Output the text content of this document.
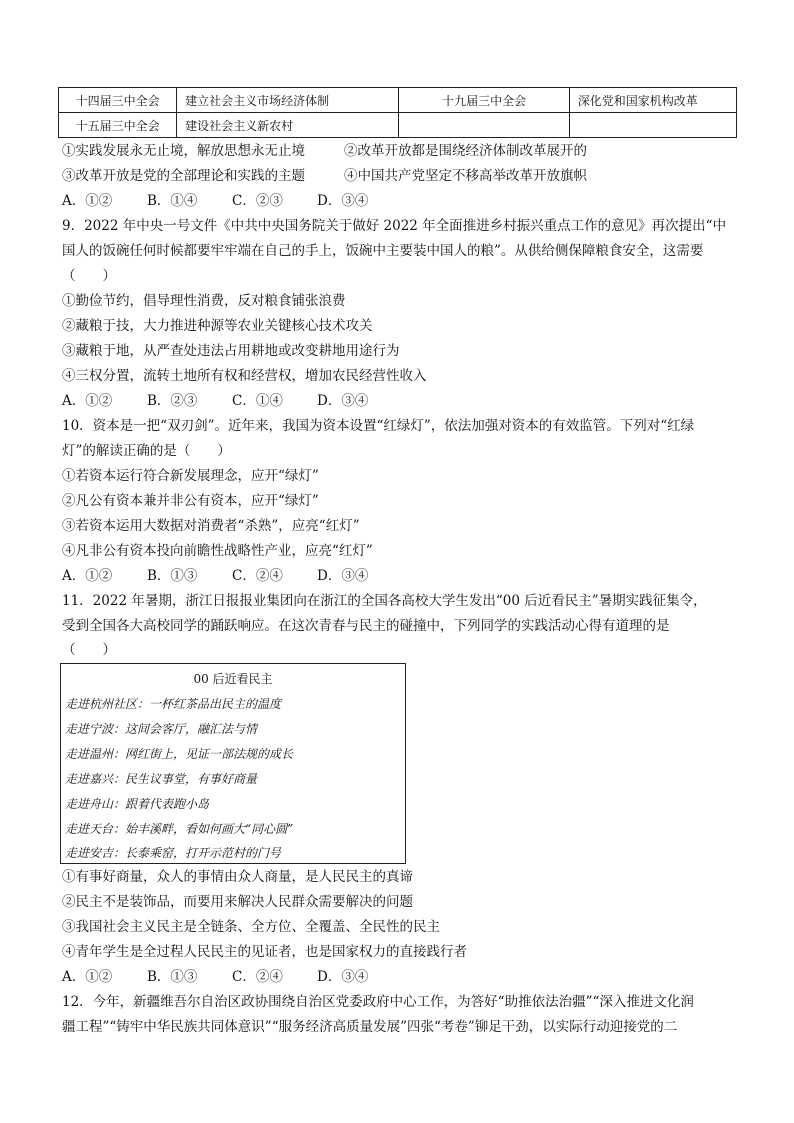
十四届三中全会	建立社会主义市场经济体制	十九届三中全会	深化党和国家机构改革
十五届三中全会	建设社会主义新农村		
①实践发展永无止境，解放思想永无止境	②改革开放都是围绕经济体制改革展开的
③改革开放是党的全部理论和实践的主题	④中国共产党坚定不移高举改革开放旗帜
A．①②	B．①④	C．②③	D．③④
9．2022 年中央一号文件《中共中央国务院关于做好 2022 年全面推进乡村振兴重点工作的意见》再次提出“中
国人的饭碗任何时候都要牢牢端在自己的手上，饭碗中主要装中国人的粮”。从供给侧保障粮食安全，这需要
（　　）
①勤俭节约，倡导理性消费，反对粮食铺张浪费
②藏粮于技，大力推进种源等农业关键核心技术攻关
③藏粮于地，从严查处违法占用耕地或改变耕地用途行为
④三权分置，流转土地所有权和经营权，增加农民经营性收入
A．①②	B．②③	C．①④	D．③④
10．资本是一把“双刃剑”。近年来，我国为资本设置“红绿灯”，依法加强对资本的有效监管。下列对“红绿
灯”的解读正确的是（　　）
①若资本运行符合新发展理念，应开“绿灯”
②凡公有资本兼并非公有资本，应开“绿灯”
③若资本运用大数据对消费者“杀熟”，应亮“红灯”
④凡非公有资本投向前瞻性战略性产业，应亮“红灯”
A．①②	B．①③	C．②④	D．③④
11．2022 年暑期，浙江日报报业集团向在浙江的全国各高校大学生发出“00 后近看民主”暑期实践征集令，
受到全国各大高校同学的踊跃响应。在这次青春与民主的碰撞中，下列同学的实践活动心得有道理的是
（　　）
00 后近看民主
走进杭州社区：一杯红茶品出民主的温度
走进宁波：这间会客厅，融汇法与情
走进温州：网红街上，见证一部法规的成长
走进嘉兴：民生议事堂，有事好商量
走进舟山：跟着代表跑小岛
走进天台：始丰溪畔，看如何画大“同心圆”
走进安吉：长泰乘窑，打开示范村的门号
①有事好商量，众人的事情由众人商量，是人民民主的真谛
②民主不是装饰品，而要用来解决人民群众需要解决的问题
③我国社会主义民主是全链条、全方位、全覆盖、全民性的民主
④青年学生是全过程人民民主的见证者，也是国家权力的直接践行者
A．①②	B．①③	C．②④	D．③④
12．今年，新疆维吾尔自治区政协围绕自治区党委政府中心工作，为答好“助推依法治疆”“深入推进文化润
疆工程”“铸牢中华民族共同体意识”“服务经济高质量发展”四张“考卷”铆足干劲，以实际行动迎接党的二
